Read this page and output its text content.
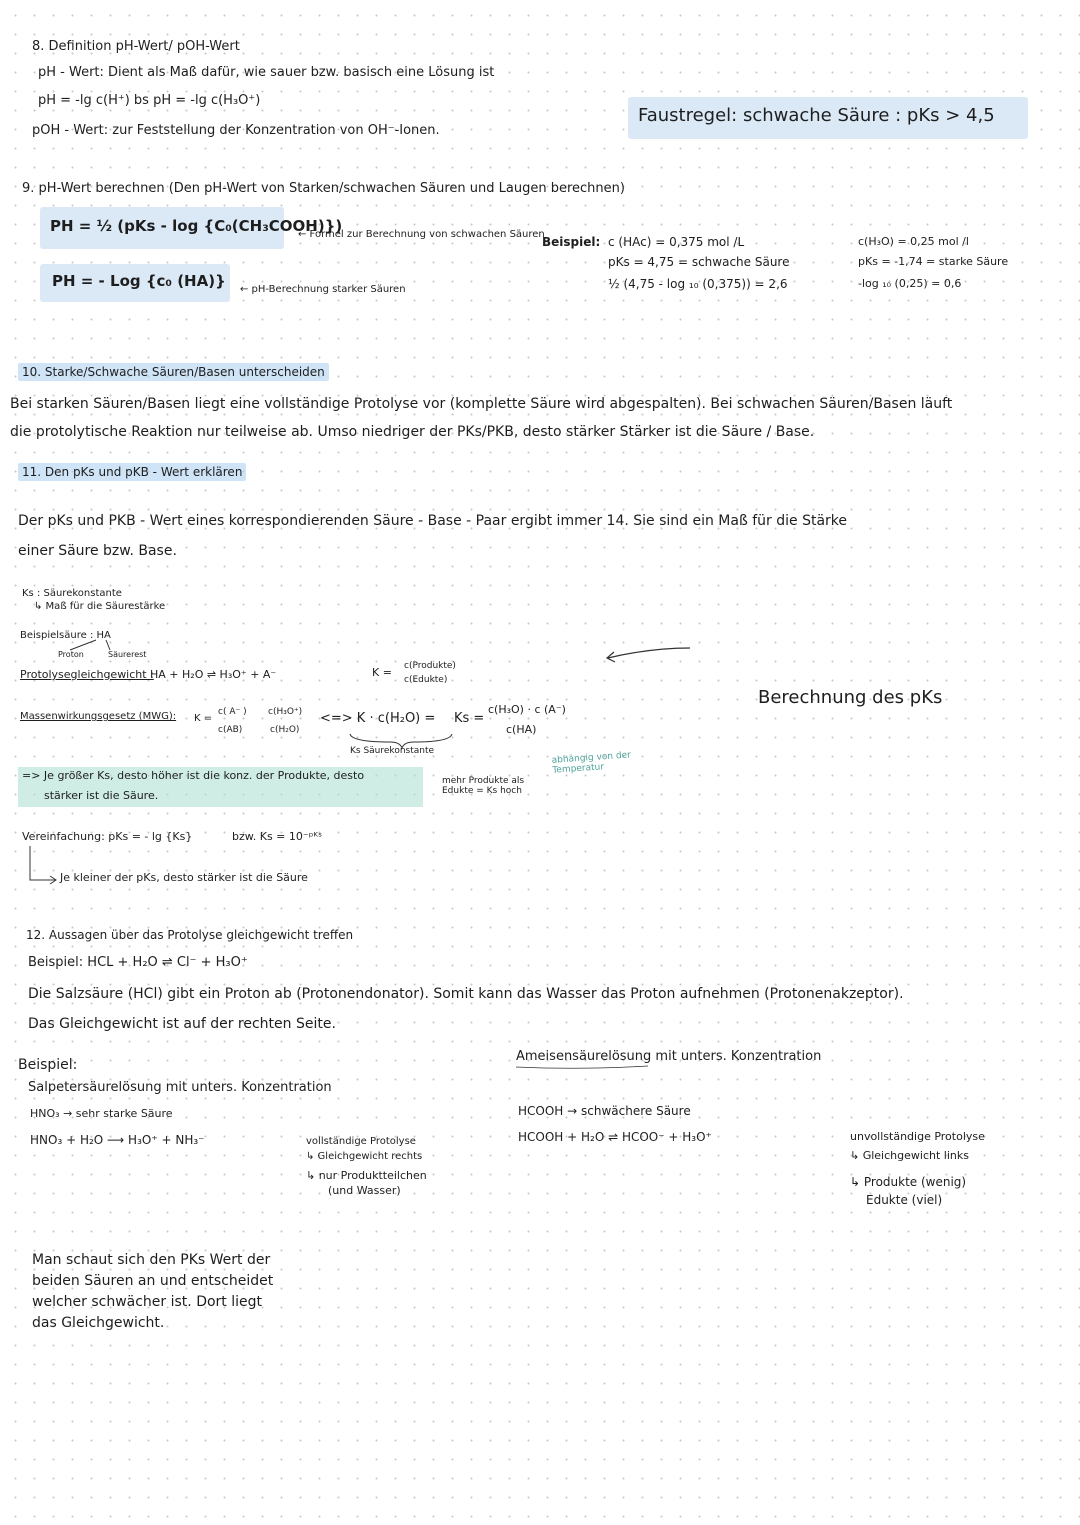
8. Definition pH-Wert/ pOH-Wert
pH - Wert: Dient als Maß dafür, wie sauer bzw. basisch eine Lösung ist
pH = -lg c(H⁺) bs pH = -lg c(H₃O⁺)
pOH - Wert: zur Feststellung der Konzentration von OH⁻-Ionen.
Faustregel: schwache Säure : pKs > 4,5
9. pH-Wert berechnen (Den pH-Wert von Starken/schwachen Säuren und Laugen berechnen)
PH = ½ (pKs - log {C₀(CH₃COOH)})
← Formel zur Berechnung von schwachen Säuren
PH = - Log {c₀ (HA)} ← pH-Berechnung starker Säuren
Beispiel: c (HAc) = 0,375 mol /L
pKs = 4,75 = schwache Säure
½ (4,75 - log ₁₀ (0,375)) = 2,6
c(H₃O) = 0,25 mol /l
pKs = -1,74 = starke Säure
-log ₁₀ (0,25) = 0,6
10. Starke/Schwache Säuren/Basen unterscheiden
Bei starken Säuren/Basen liegt eine vollständige Protolyse vor (komplette Säure wird abgespalten). Bei schwachen Säuren/Basen läuft
die protolytische Reaktion nur teilweise ab. Umso niedriger der PKs/PKB, desto stärker Stärker ist die Säure / Base.
11. Den pKs und pKB - Wert erklären
Der pKs und PKB - Wert eines korrespondierenden Säure - Base - Paar ergibt immer 14. Sie sind ein Maß für die Stärke
einer Säure bzw. Base.
Ks : Säurekonstante
↳ Maß für die Säurestärke
Beispielsäure : HA
Proton	Säurerest
Protolysegleichgewicht :
HA + H₂O ⇌ H₃O⁺ + A⁻	K = c(Produkte)
c(Edukte)
Massenwirkungsgesetz (MWG): K =
c( A⁻ )
c(AB)
c(H₃O⁺)
c(H₂O)
<=> K · c(H₂O) = Ks =
c(H₃O) · c (A⁻)
c(HA)
Ks Säurekonstante	abhängig von der Temperatur
Berechnung des pKs
=> Je größer Ks, desto höher ist die konz. der Produkte, desto
stärker ist die Säure.
mehr Produkte als Edukte = Ks hoch
Vereinfachung: pKs = - lg {Ks}	bzw. Ks = 10⁻ᵖᴷˢ
Je kleiner der pKs, desto stärker ist die Säure
12. Aussagen über das Protolyse gleichgewicht treffen
Beispiel: HCL + H₂O ⇌ Cl⁻ + H₃O⁺
Die Salzsäure (HCl) gibt ein Proton ab (Protonendonator). Somit kann das Wasser das Proton aufnehmen (Protonenakzeptor).
Das Gleichgewicht ist auf der rechten Seite.
Beispiel:
Salpetersäurelösung mit unters. Konzentration
HNO₃ → sehr starke Säure
HNO₃ + H₂O ⟶ H₃O⁺ + NH₃⁻	vollständige Protolyse
↳ Gleichgewicht rechts
↳ nur Produktteilchen
(und Wasser)
Ameisensäurelösung mit unters. Konzentration
HCOOH → schwächere Säure
HCOOH + H₂O ⇌ HCOO⁻ + H₃O⁺	unvollständige Protolyse
↳ Gleichgewicht links
↳ Produkte (wenig)
Edukte (viel)
Man schaut sich den PKs Wert der
beiden Säuren an und entscheidet
welcher schwächer ist. Dort liegt
das Gleichgewicht.
